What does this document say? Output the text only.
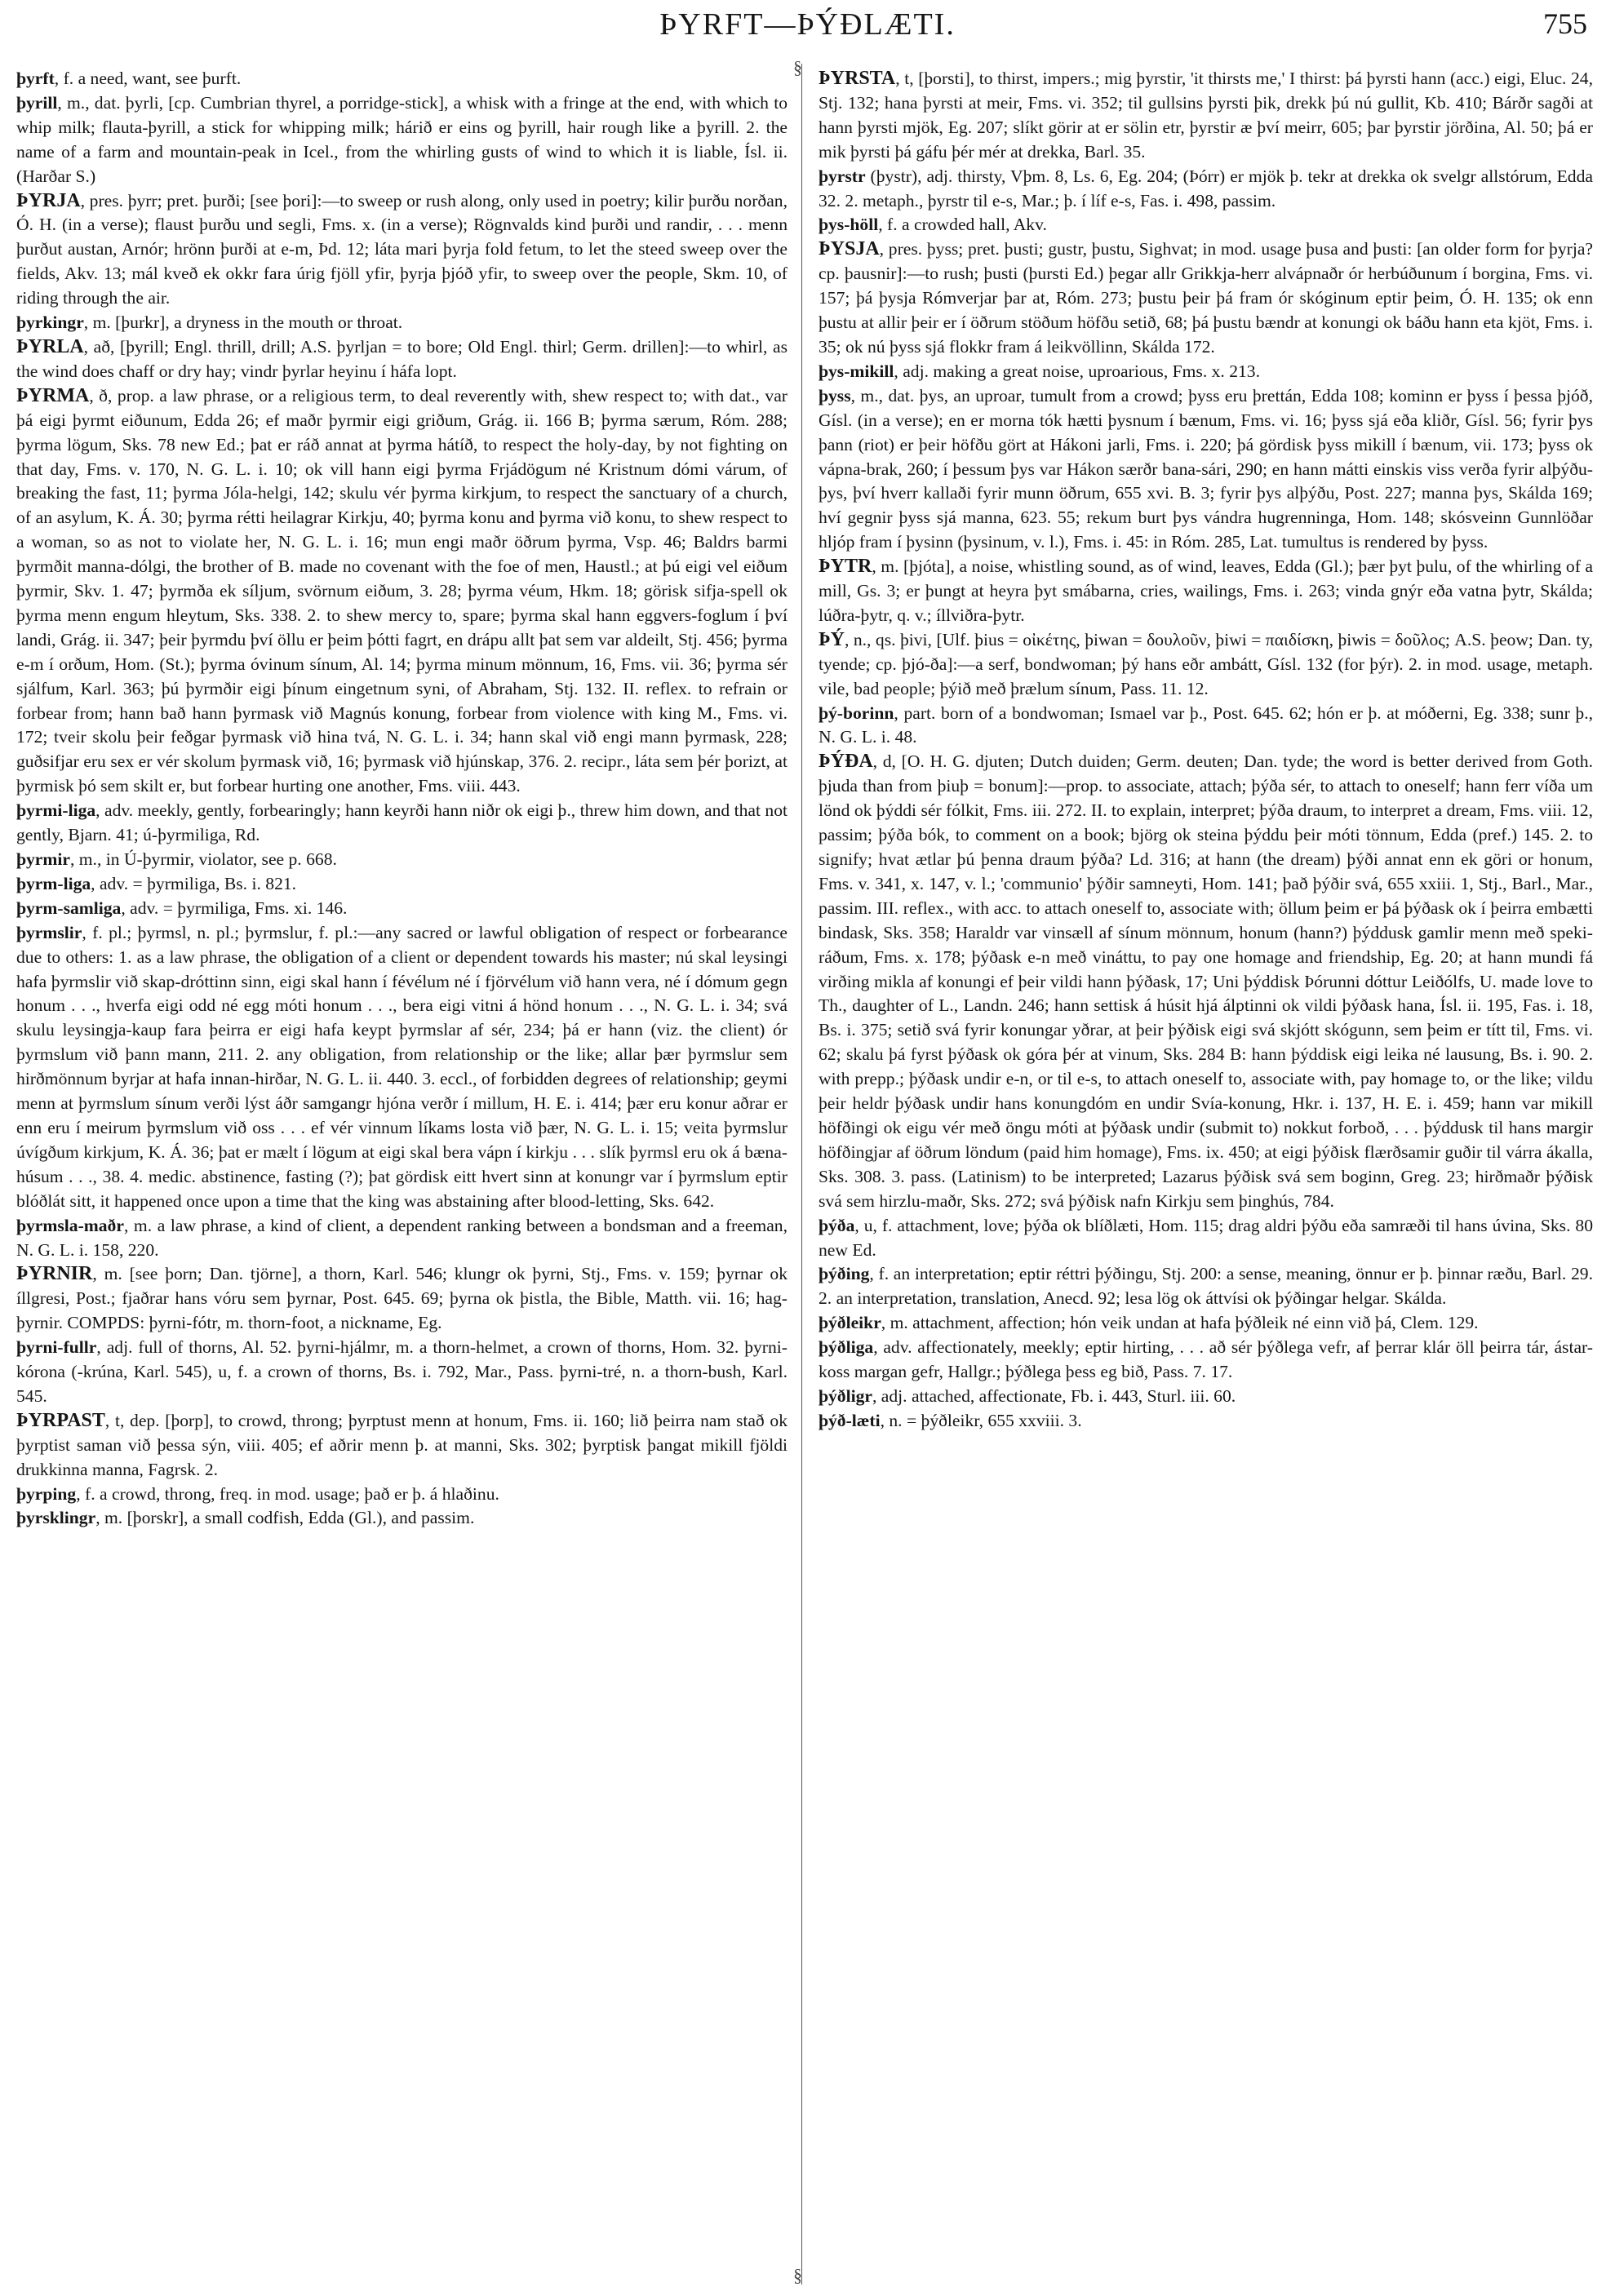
ÞYRFT—ÞÝÐLÆTI.	755
§
§

þyrft, f. a need, want, see þurft.

þyrill, m., dat. þyrli, [cp. Cumbrian thyrel, a porridge-stick], a whisk with a fringe at the end, with which to whip milk; flauta-þyrill, a stick for whipping milk; hárið er eins og þyrill, hair rough like a þyrill. 2. the name of a farm and mountain-peak in Icel., from the whirling gusts of wind to which it is liable, Ísl. ii. (Harðar S.)

ÞYRJA, pres. þyrr; pret. þurði; [see þori]:—to sweep or rush along, only used in poetry; kilir þurðu norðan, Ó. H. (in a verse); flaust þurðu und segli, Fms. x. (in a verse); Rögnvalds kind þurði und randir, . . . menn þurðut austan, Arnór; hrönn þurði at e-m, Þd. 12; láta mari þyrja fold fetum, to let the steed sweep over the fields, Akv. 13; mál kveð ek okkr fara úrig fjöll yfir, þyrja þjóð yfir, to sweep over the people, Skm. 10, of riding through the air.

þyrkingr, m. [þurkr], a dryness in the mouth or throat.

ÞYRLA, að, [þyrill; Engl. thrill, drill; A.S. þyrljan = to bore; Old Engl. thirl; Germ. drillen]:—to whirl, as the wind does chaff or dry hay; vindr þyrlar heyinu í háfa lopt.

ÞYRMA, ð, prop. a law phrase, or a religious term, to deal reverently with, shew respect to; with dat., var þá eigi þyrmt eiðunum, Edda 26; ef maðr þyrmir eigi griðum, Grág. ii. 166 B; þyrma særum, Róm. 288; þyrma lögum, Sks. 78 new Ed.; þat er ráð annat at þyrma hátíð, to respect the holy-day, by not fighting on that day, Fms. v. 170, N. G. L. i. 10; ok vill hann eigi þyrma Frjádögum né Kristnum dómi várum, of breaking the fast, 11; þyrma Jóla-helgi, 142; skulu vér þyrma kirkjum, to respect the sanctuary of a church, of an asylum, K. Á. 30; þyrma rétti heilagrar Kirkju, 40; þyrma konu and þyrma við konu, to shew respect to a woman, so as not to violate her, N. G. L. i. 16; mun engi maðr öðrum þyrma, Vsp. 46; Baldrs barmi þyrmðit manna-dólgi, the brother of B. made no covenant with the foe of men, Haustl.; at þú eigi vel eiðum þyrmir, Skv. 1. 47; þyrmða ek síljum, svörnum eiðum, 3. 28; þyrma véum, Hkm. 18; görisk sifja-spell ok þyrma menn engum hleytum, Sks. 338. 2. to shew mercy to, spare; þyrma skal hann eggvers-foglum í því landi, Grág. ii. 347; þeir þyrmdu því öllu er þeim þótti fagrt, en drápu allt þat sem var aldeilt, Stj. 456; þyrma e-m í orðum, Hom. (St.); þyrma óvinum sínum, Al. 14; þyrma minum mönnum, 16, Fms. vii. 36; þyrma sér sjálfum, Karl. 363; þú þyrmðir eigi þínum eingetnum syni, of Abraham, Stj. 132. II. reflex. to refrain or forbear from; hann bað hann þyrmask við Magnús konung, forbear from violence with king M., Fms. vi. 172; tveir skolu þeir feðgar þyrmask við hina tvá, N. G. L. i. 34; hann skal við engi mann þyrmask, 228; guðsifjar eru sex er vér skolum þyrmask við, 16; þyrmask við hjúnskap, 376. 2. recipr., láta sem þér þorizt, at þyrmisk þó sem skilt er, but forbear hurting one another, Fms. viii. 443.

þyrmi-liga, adv. meekly, gently, forbearingly; hann keyrði hann niðr ok eigi þ., threw him down, and that not gently, Bjarn. 41; ú-þyrmiliga, Rd.

þyrmir, m., in Ú-þyrmir, violator, see p. 668.

þyrm-liga, adv. = þyrmiliga, Bs. i. 821.

þyrm-samliga, adv. = þyrmiliga, Fms. xi. 146.

þyrmslir, f. pl.; þyrmsl, n. pl.; þyrmslur, f. pl.:—any sacred or lawful obligation of respect or forbearance due to others: 1. as a law phrase, the obligation of a client or dependent towards his master; nú skal leysingi hafa þyrmslir við skap-dróttinn sinn, eigi skal hann í févélum né í fjörvélum við hann vera, né í dómum gegn honum . . ., hverfa eigi odd né egg móti honum . . ., bera eigi vitni á hönd honum . . ., N. G. L. i. 34; svá skulu leysingja-kaup fara þeirra er eigi hafa keypt þyrmslar af sér, 234; þá er hann (viz. the client) ór þyrmslum við þann mann, 211. 2. any obligation, from relationship or the like; allar þær þyrmslur sem hirðmönnum byrjar at hafa innan-hirðar, N. G. L. ii. 440. 3. eccl., of forbidden degrees of relationship; geymi menn at þyrmslum sínum verði lýst áðr samgangr hjóna verðr í millum, H. E. i. 414; þær eru konur aðrar er enn eru í meirum þyrmslum við oss . . . ef vér vinnum líkams losta við þær, N. G. L. i. 15; veita þyrmslur úvígðum kirkjum, K. Á. 36; þat er mælt í lögum at eigi skal bera vápn í kirkju . . . slík þyrmsl eru ok á bæna-húsum . . ., 38. 4. medic. abstinence, fasting (?); þat gördisk eitt hvert sinn at konungr var í þyrmslum eptir blóðlát sitt, it happened once upon a time that the king was abstaining after blood-letting, Sks. 642.

þyrmsla-maðr, m. a law phrase, a kind of client, a dependent ranking between a bondsman and a freeman, N. G. L. i. 158, 220.

ÞYRNIR, m. [see þorn; Dan. tjörne], a thorn, Karl. 546; klungr ok þyrni, Stj., Fms. v. 159; þyrnar ok íllgresi, Post.; fjaðrar hans vóru sem þyrnar, Post. 645. 69; þyrna ok þistla, the Bible, Matth. vii. 16; hag-þyrnir. COMPDS: þyrni-fótr, m. thorn-foot, a nickname, Eg.

þyrni-fullr, adj. full of thorns, Al. 52. þyrni-hjálmr, m. a thorn-helmet, a crown of thorns, Hom. 32. þyrni-kórona (-krúna, Karl. 545), u, f. a crown of thorns, Bs. i. 792, Mar., Pass. þyrni-tré, n. a thorn-bush, Karl. 545.

ÞYRPAST, t, dep. [þorp], to crowd, throng; þyrptust menn at honum, Fms. ii. 160; lið þeirra nam stað ok þyrptist saman við þessa sýn, viii. 405; ef aðrir menn þ. at manni, Sks. 302; þyrptisk þangat mikill fjöldi drukkinna manna, Fagrsk. 2.

þyrping, f. a crowd, throng, freq. in mod. usage; það er þ. á hlaðinu.

þyrsklingr, m. [þorskr], a small codfish, Edda (Gl.), and passim.

ÞYRSTA, t, [þorsti], to thirst, impers.; mig þyrstir, 'it thirsts me,' I thirst: þá þyrsti hann (acc.) eigi, Eluc. 24, Stj. 132; hana þyrsti at meir, Fms. vi. 352; til gullsins þyrsti þik, drekk þú nú gullit, Kb. 410; Bárðr sagði at hann þyrsti mjök, Eg. 207; slíkt görir at er sölin etr, þyrstir æ því meirr, 605; þar þyrstir jörðina, Al. 50; þá er mik þyrsti þá gáfu þér mér at drekka, Barl. 35.

þyrstr (þystr), adj. thirsty, Vþm. 8, Ls. 6, Eg. 204; (Þórr) er mjök þ. tekr at drekka ok svelgr allstórum, Edda 32. 2. metaph., þyrstr til e-s, Mar.; þ. í líf e-s, Fas. i. 498, passim.

þys-höll, f. a crowded hall, Akv.

ÞYSJA, pres. þyss; pret. þusti; gustr, þustu, Sighvat; in mod. usage þusa and þusti: [an older form for þyrja? cp. þausnir]:—to rush; þusti (þursti Ed.) þegar allr Grikkja-herr alvápnaðr ór herbúðunum í borgina, Fms. vi. 157; þá þysja Rómverjar þar at, Róm. 273; þustu þeir þá fram ór skóginum eptir þeim, Ó. H. 135; ok enn þustu at allir þeir er í öðrum stöðum höfðu setið, 68; þá þustu bændr at konungi ok báðu hann eta kjöt, Fms. i. 35; ok nú þyss sjá flokkr fram á leikvöllinn, Skálda 172.

þys-mikill, adj. making a great noise, uproarious, Fms. x. 213.

þyss, m., dat. þys, an uproar, tumult from a crowd; þyss eru þrettán, Edda 108; kominn er þyss í þessa þjóð, Gísl. (in a verse); en er morna tók hætti þysnum í bænum, Fms. vi. 16; þyss sjá eða kliðr, Gísl. 56; fyrir þys þann (riot) er þeir höfðu gört at Hákoni jarli, Fms. i. 220; þá gördisk þyss mikill í bænum, vii. 173; þyss ok vápna-brak, 260; í þessum þys var Hákon særðr bana-sári, 290; en hann mátti einskis viss verða fyrir alþýðu-þys, því hverr kallaði fyrir munn öðrum, 655 xvi. B. 3; fyrir þys alþýðu, Post. 227; manna þys, Skálda 169; hví gegnir þyss sjá manna, 623. 55; rekum burt þys vándra hugrenninga, Hom. 148; skósveinn Gunnlöðar hljóp fram í þysinn (þysinum, v. l.), Fms. i. 45: in Róm. 285, Lat. tumultus is rendered by þyss.

ÞYTR, m. [þjóta], a noise, whistling sound, as of wind, leaves, Edda (Gl.); þær þyt þulu, of the whirling of a mill, Gs. 3; er þungt at heyra þyt smábarna, cries, wailings, Fms. i. 263; vinda gnýr eða vatna þytr, Skálda; lúðra-þytr, q. v.; íllviðra-þytr.

ÞÝ, n., qs. þivi, [Ulf. þius = οἰκέτης, þiwan = δουλοῦν, þiwi = παιδίσκη, þiwis = δοῦλος; A.S. þeow; Dan. ty, tyende; cp. þjó-ða]:—a serf, bondwoman; þý hans eðr ambátt, Gísl. 132 (for þýr). 2. in mod. usage, metaph. vile, bad people; þýið með þrælum sínum, Pass. 11. 12.

þý-borinn, part. born of a bondwoman; Ismael var þ., Post. 645. 62; hón er þ. at móðerni, Eg. 338; sunr þ., N. G. L. i. 48.

ÞÝÐA, d, [O. H. G. djuten; Dutch duiden; Germ. deuten; Dan. tyde; the word is better derived from Goth. þjuda than from þiuþ = bonum]:—prop. to associate, attach; þýða sér, to attach to oneself; hann ferr víða um lönd ok þýddi sér fólkit, Fms. iii. 272. II. to explain, interpret; þýða draum, to interpret a dream, Fms. viii. 12, passim; þýða bók, to comment on a book; björg ok steina þýddu þeir móti tönnum, Edda (pref.) 145. 2. to signify; hvat ætlar þú þenna draum þýða? Ld. 316; at hann (the dream) þýði annat enn ek göri or honum, Fms. v. 341, x. 147, v. l.; 'communio' þýðir samneyti, Hom. 141; það þýðir svá, 655 xxiii. 1, Stj., Barl., Mar., passim. III. reflex., with acc. to attach oneself to, associate with; öllum þeim er þá þýðask ok í þeirra embætti bindask, Sks. 358; Haraldr var vinsæll af sínum mönnum, honum (hann?) þýddusk gamlir menn með speki-ráðum, Fms. x. 178; þýðask e-n með vináttu, to pay one homage and friendship, Eg. 20; at hann mundi fá virðing mikla af konungi ef þeir vildi hann þýðask, 17; Uni þýddisk Þórunni dóttur Leiðólfs, U. made love to Th., daughter of L., Landn. 246; hann settisk á húsit hjá álptinni ok vildi þýðask hana, Ísl. ii. 195, Fas. i. 18, Bs. i. 375; setið svá fyrir konungar yðrar, at þeir þýðisk eigi svá skjótt skógunn, sem þeim er títt til, Fms. vi. 62; skalu þá fyrst þýðask ok góra þér at vinum, Sks. 284 B: hann þýddisk eigi leika né lausung, Bs. i. 90. 2. with prepp.; þýðask undir e-n, or til e-s, to attach oneself to, associate with, pay homage to, or the like; vildu þeir heldr þýðask undir hans konungdóm en undir Svía-konung, Hkr. i. 137, H. E. i. 459; hann var mikill höfðingi ok eigu vér með öngu móti at þýðask undir (submit to) nokkut forboð, . . . þýddusk til hans margir höfðingjar af öðrum löndum (paid him homage), Fms. ix. 450; at eigi þýðisk flærðsamir guðir til várra ákalla, Sks. 308. 3. pass. (Latinism) to be interpreted; Lazarus þýðisk svá sem boginn, Greg. 23; hirðmaðr þýðisk svá sem hirzlu-maðr, Sks. 272; svá þýðisk nafn Kirkju sem þinghús, 784.

þýða, u, f. attachment, love; þýða ok blíðlæti, Hom. 115; drag aldri þýðu eða samræði til hans úvina, Sks. 80 new Ed.

þýðing, f. an interpretation; eptir réttri þýðingu, Stj. 200: a sense, meaning, önnur er þ. þinnar ræðu, Barl. 29. 2. an interpretation, translation, Anecd. 92; lesa lög ok áttvísi ok þýðingar helgar. Skálda.

þýðleikr, m. attachment, affection; hón veik undan at hafa þýðleik né einn við þá, Clem. 129.

þýðliga, adv. affectionately, meekly; eptir hirting, . . . að sér þýðlega vefr, af þerrar klár öll þeirra tár, ástar-koss margan gefr, Hallgr.; þýðlega þess eg bið, Pass. 7. 17.

þýðligr, adj. attached, affectionate, Fb. i. 443, Sturl. iii. 60.

þýð-læti, n. = þýðleikr, 655 xxviii. 3.
